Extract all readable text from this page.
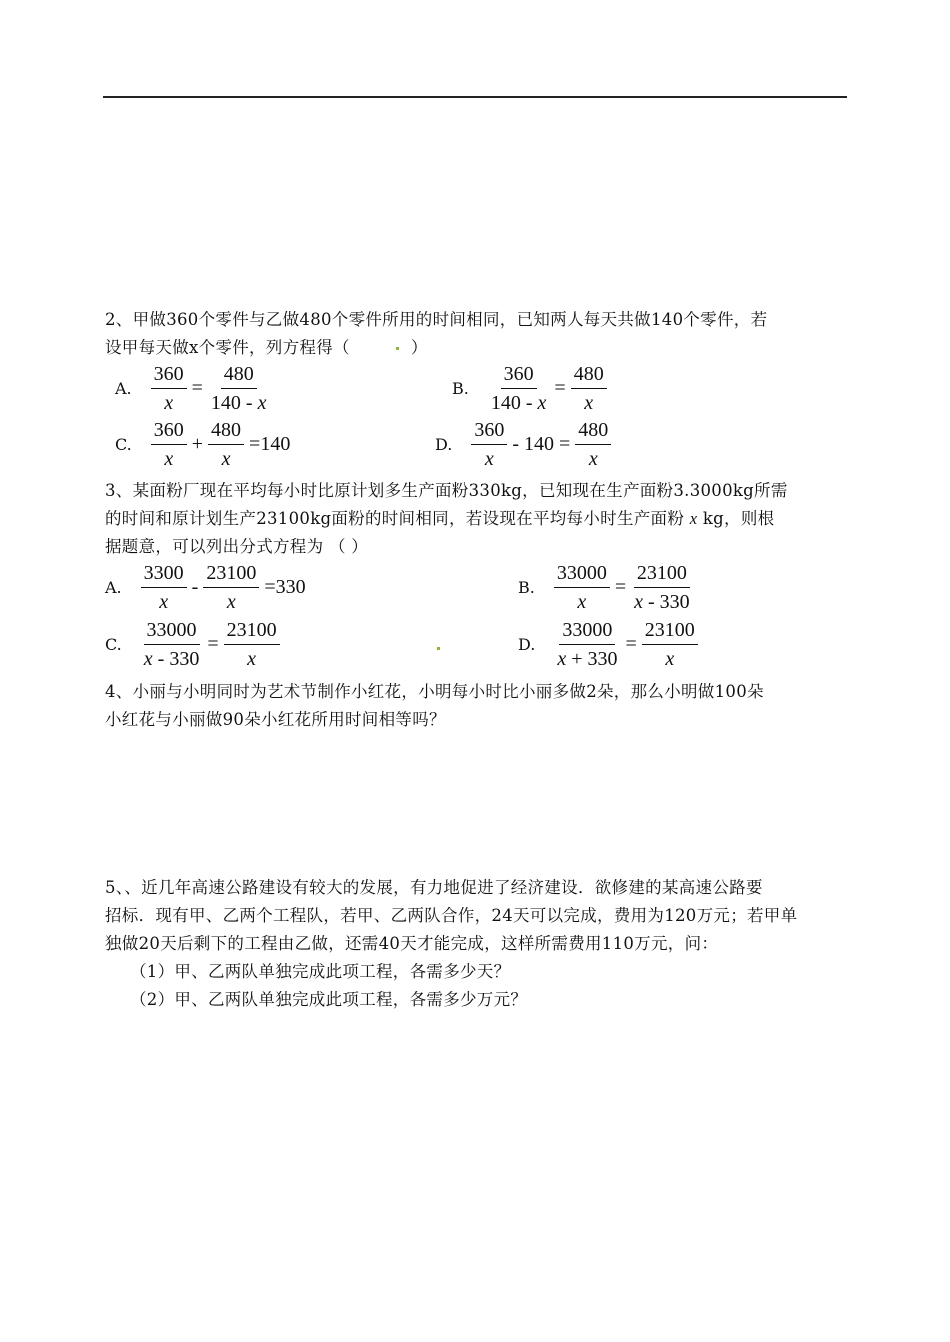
2、甲做360个零件与乙做480个零件所用的时间相同，已知两人每天共做140个零件，若
设甲每天做x个零件，列方程得（	）
A. $\frac{360}{x} = \frac{480}{140 - x}$	B. $\frac{360}{140 - x} = \frac{480}{x}$
C. $\frac{360}{x} + \frac{480}{x} =140$	D. $\frac{360}{x} - 140 = \frac{480}{x}$
3、某面粉厂现在平均每小时比原计划多生产面粉330kg，已知现在生产面粉3.3000kg所需
的时间和原计划生产23100kg面粉的时间相同，若设现在平均每小时生产面粉 x kg，则根
据题意，可以列出分式方程为 （ ）
A. $\frac{3300}{x} - \frac{23100}{x} =330$	B. $\frac{33000}{x} = \frac{23100}{x - 330}$
C. $\frac{33000}{x - 330} = \frac{23100}{x}$	D. $\frac{33000}{x + 330} = \frac{23100}{x}$
4、小丽与小明同时为艺术节制作小红花，小明每小时比小丽多做2朵，那么小明做100朵
小红花与小丽做90朵小红花所用时间相等吗？
5、、近几年高速公路建设有较大的发展，有力地促进了经济建设．欲修建的某高速公路要
招标．现有甲、乙两个工程队，若甲、乙两队合作，24天可以完成，费用为120万元；若甲单
独做20天后剩下的工程由乙做，还需40天才能完成，这样所需费用110万元，问：
（1）甲、乙两队单独完成此项工程，各需多少天？
（2）甲、乙两队单独完成此项工程，各需多少万元？
